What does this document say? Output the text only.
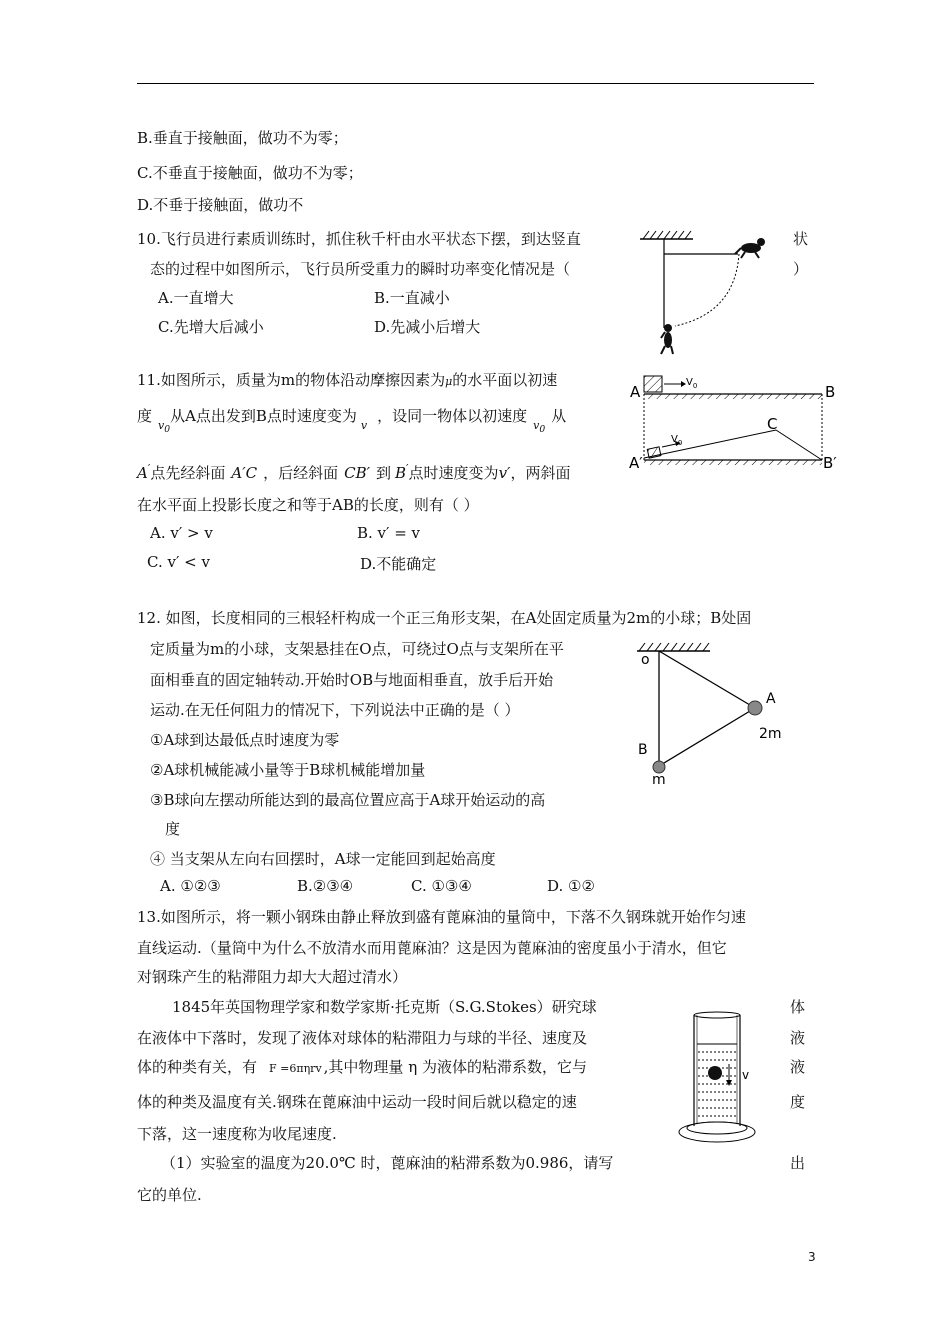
B.垂直于接触面，做功不为零；
C.不垂直于接触面，做功不为零；
D.不垂于接触面，做功不
10.飞行员进行素质训练时，抓住秋千杆由水平状态下摆，到达竖直	状
态的过程中如图所示，飞行员所受重力的瞬时功率变化情况是（	）
A.一直增大	B.一直减小
C.先增大后减小	D.先减小后增大
11.如图所示，质量为m的物体沿动摩擦因素为μ的水平面以初速
度$_{v_0}$从A点出发到B点时速度变为$_v$，设同一物体以初速度$_{v_0}$从
A′点先经斜面 A′C ，后经斜面 CB′ 到 B′点时速度变为v′，两斜面
在水平面上投影长度之和等于AB的长度，则有（ ）
A. v′ > v	B. v′ = v
C. v′ < v	D.不能确定
A	B
$V_0$
A′	B′
C
$V_0$
12. 如图，长度相同的三根轻杆构成一个正三角形支架，在A处固定质量为2m的小球；B处固
定质量为m的小球，支架悬挂在O点，可绕过O点与支架所在平
面相垂直的固定轴转动.开始时OB与地面相垂直，放手后开始
运动.在无任何阻力的情况下，下列说法中正确的是（ ）
①A球到达最低点时速度为零
②A球机械能减小量等于B球机械能增加量
③B球向左摆动所能达到的最高位置应高于A球开始运动的高
度
④ 当支架从左向右回摆时，A球一定能回到起始高度
A. ①②③	B.②③④	C. ①③④	D. ①②
o
A
2m
B
m
13.如图所示，将一颗小钢珠由静止释放到盛有蓖麻油的量筒中，下落不久钢珠就开始作匀速
直线运动.（量筒中为什么不放清水而用蓖麻油？这是因为蓖麻油的密度虽小于清水，但它
对钢珠产生的粘滞阻力却大大超过清水）
1845年英国物理学家和数学家斯·托克斯（S.G.Stokes）研究球	体
在液体中下落时，发现了液体对球体的粘滞阻力与球的半径、速度及	液
体的种类有关，有 F =6πηrv ,其中物理量 η 为液体的粘滞系数，它与	液
体的种类及温度有关.钢珠在蓖麻油中运动一段时间后就以稳定的速	度
下落，这一速度称为收尾速度.
（1）实验室的温度为20.0℃ 时，蓖麻油的粘滞系数为0.986，请写	出
它的单位.
v
3
